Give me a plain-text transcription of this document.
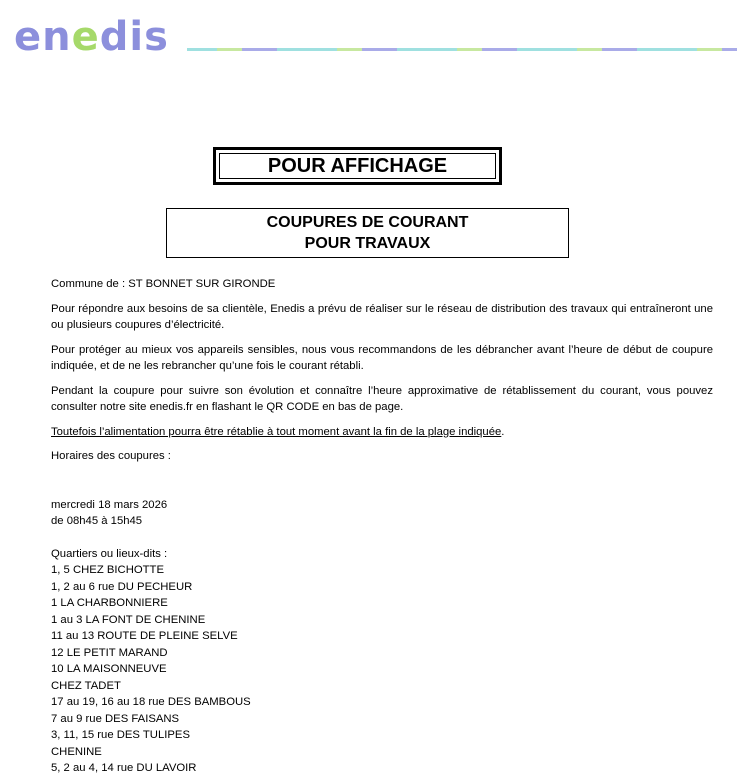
enedis
POUR AFFICHAGE
COUPURES DE COURANT
POUR TRAVAUX

Commune de : ST BONNET SUR GIRONDE

Pour répondre aux besoins de sa clientèle, Enedis a prévu de réaliser sur le réseau de distribution des travaux qui entraîneront une ou plusieurs coupures d’électricité.

Pour protéger au mieux vos appareils sensibles, nous vous recommandons de les débrancher avant l’heure de début de coupure indiquée, et de ne les rebrancher qu’une fois le courant rétabli.

Pendant la coupure pour suivre son évolution et connaître l’heure approximative de rétablissement du courant, vous pouvez consulter notre site enedis.fr en flashant le QR CODE en bas de page.

Toutefois l’alimentation pourra être rétablie à tout moment avant la fin de la plage indiquée.

Horaires des coupures :

mercredi 18 mars 2026
de 08h45 à 15h45
Quartiers ou lieux-dits :
1, 5 CHEZ BICHOTTE
1, 2 au 6 rue DU PECHEUR
1 LA CHARBONNIERE
1 au 3 LA FONT DE CHENINE
11 au 13 ROUTE DE PLEINE SELVE
12 LE PETIT MARAND
10 LA MAISONNEUVE
CHEZ TADET
17 au 19, 16 au 18 rue DES BAMBOUS
7 au 9 rue DES FAISANS
3, 11, 15 rue DES TULIPES
CHENINE
5, 2 au 4, 14 rue DU LAVOIR
